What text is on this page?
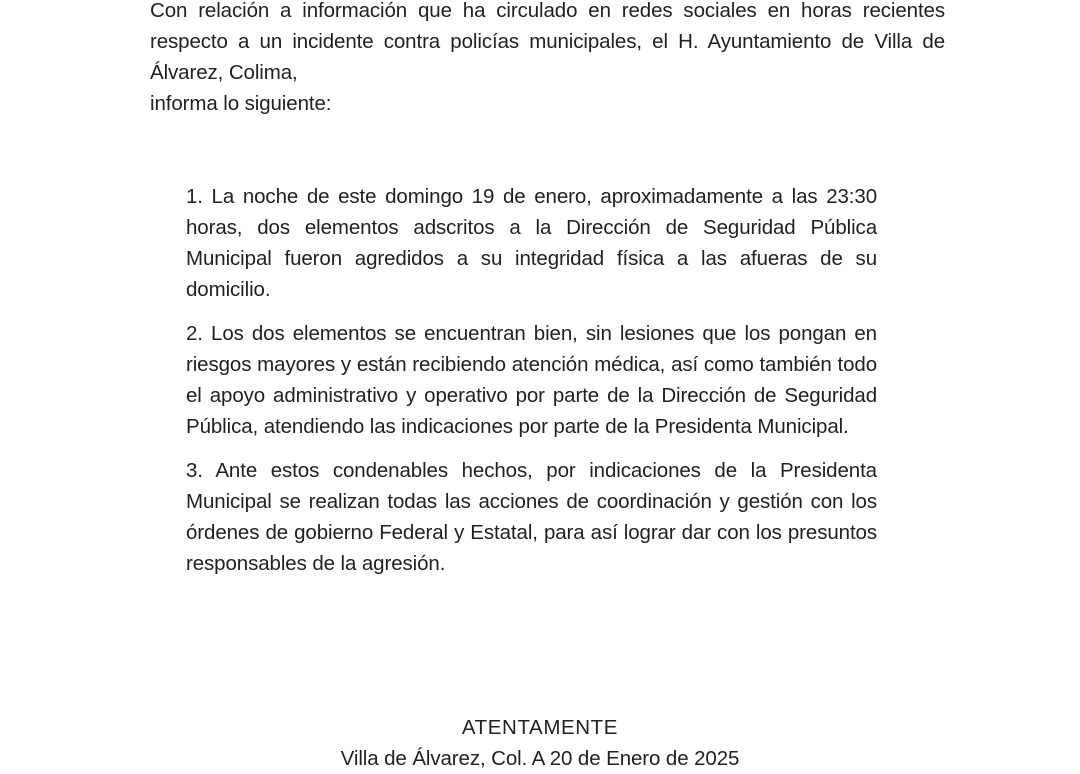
Con relación a información que ha circulado en redes sociales en horas recientes respecto a un incidente contra policías municipales, el H. Ayuntamiento de Villa de Álvarez, Colima,
informa lo siguiente:

1. La noche de este domingo 19 de enero, aproximadamente a las 23:30 horas, dos elementos adscritos a la Dirección de Seguridad Pública Municipal fueron agredidos a su integridad física a las afueras de su domicilio.
2. Los dos elementos se encuentran bien, sin lesiones que los pongan en riesgos mayores y están recibiendo atención médica, así como también todo el apoyo administrativo y operativo por parte de la Dirección de Seguridad Pública, atendiendo las indicaciones por parte de la Presidenta Municipal.
3. Ante estos condenables hechos, por indicaciones de la Presidenta Municipal se realizan todas las acciones de coordinación y gestión con los órdenes de gobierno Federal y Estatal, para así lograr dar con los presuntos responsables de la agresión.

ATENTAMENTE

Villa de Álvarez, Col. A 20 de Enero de 2025
